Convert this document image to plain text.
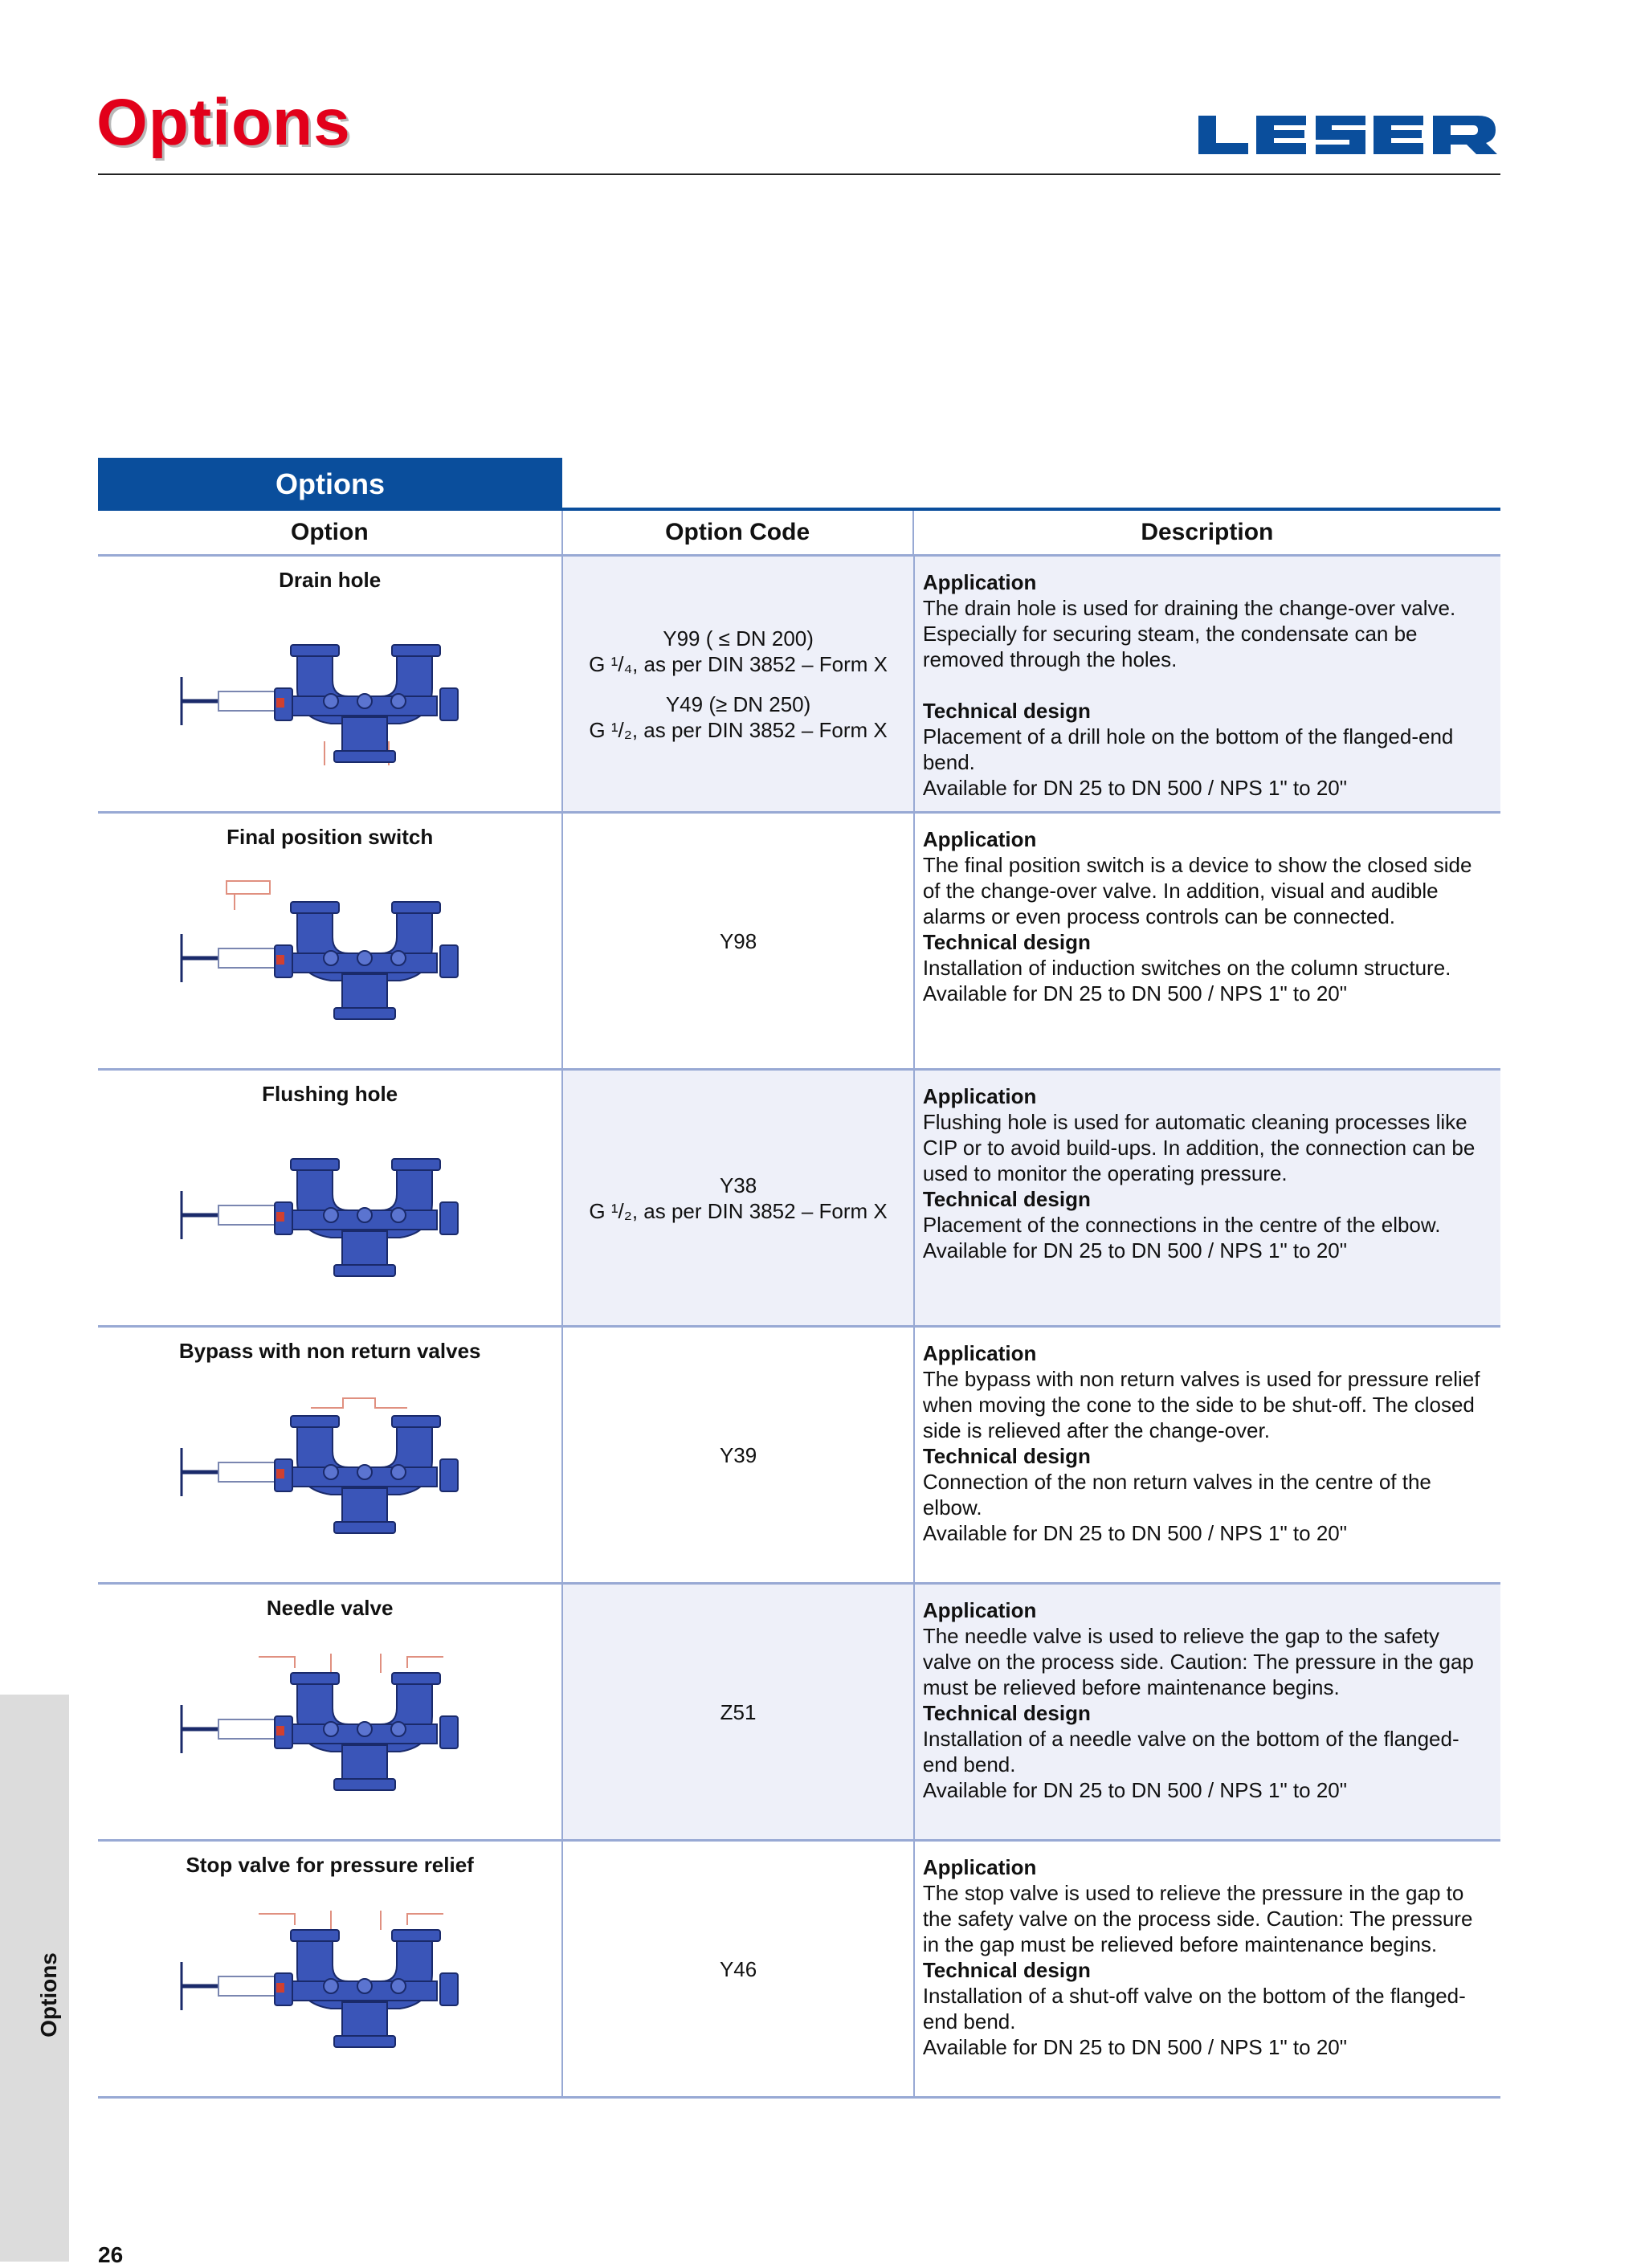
Options
Options
Option	Option Code	Description
Drain hole
Y99 ( ≤ DN 200)
G ¹/₄, as per DIN 3852 – Form X
Y49 (≥ DN 250)
G ¹/₂, as per DIN 3852 – Form X
Application
The drain hole is used for draining the change-over valve. Especially for securing steam, the condensate can be removed through the holes.
Technical design
Placement of a drill hole on the bottom of the flanged-end bend.
Available for DN 25 to DN 500 / NPS 1" to 20"
Final position switch
Y98
Application
The final position switch is a device to show the closed side of the change-over valve. In addition, visual and audible alarms or even process controls can be connected.
Technical design
Installation of induction switches on the column structure.
Available for DN 25 to DN 500 / NPS 1" to 20"
Flushing hole
Y38
G ¹/₂, as per DIN 3852 – Form X
Application
Flushing hole is used for automatic cleaning processes like CIP or to avoid build-ups. In addition, the connection can be used to monitor the operating pressure.
Technical design
Placement of the connections in the centre of the elbow.
Available for DN 25 to DN 500 / NPS 1" to 20"
Bypass with non return valves
Y39
Application
The bypass with non return valves is used for pressure relief when moving the cone to the side to be shut-off. The closed side is relieved after the change-over.
Technical design
Connection of the non return valves in the centre of the elbow.
Available for DN 25 to DN 500 / NPS 1" to 20"
Needle valve
Z51
Application
The needle valve is used to relieve the gap to the safety valve on the process side. Caution: The pressure in the gap must be relieved before maintenance begins.
Technical design
Installation of a needle valve on the bottom of the flanged-end bend.
Available for DN 25 to DN 500 / NPS 1" to 20"
Stop valve for pressure relief
Y46
Application
The stop valve is used to relieve the pressure in the gap to the safety valve on the process side. Caution: The pressure in the gap must be relieved before maintenance begins.
Technical design
Installation of a shut-off valve on the bottom of the flanged-end bend.
Available for DN 25 to DN 500 / NPS 1" to 20"
Options
26
